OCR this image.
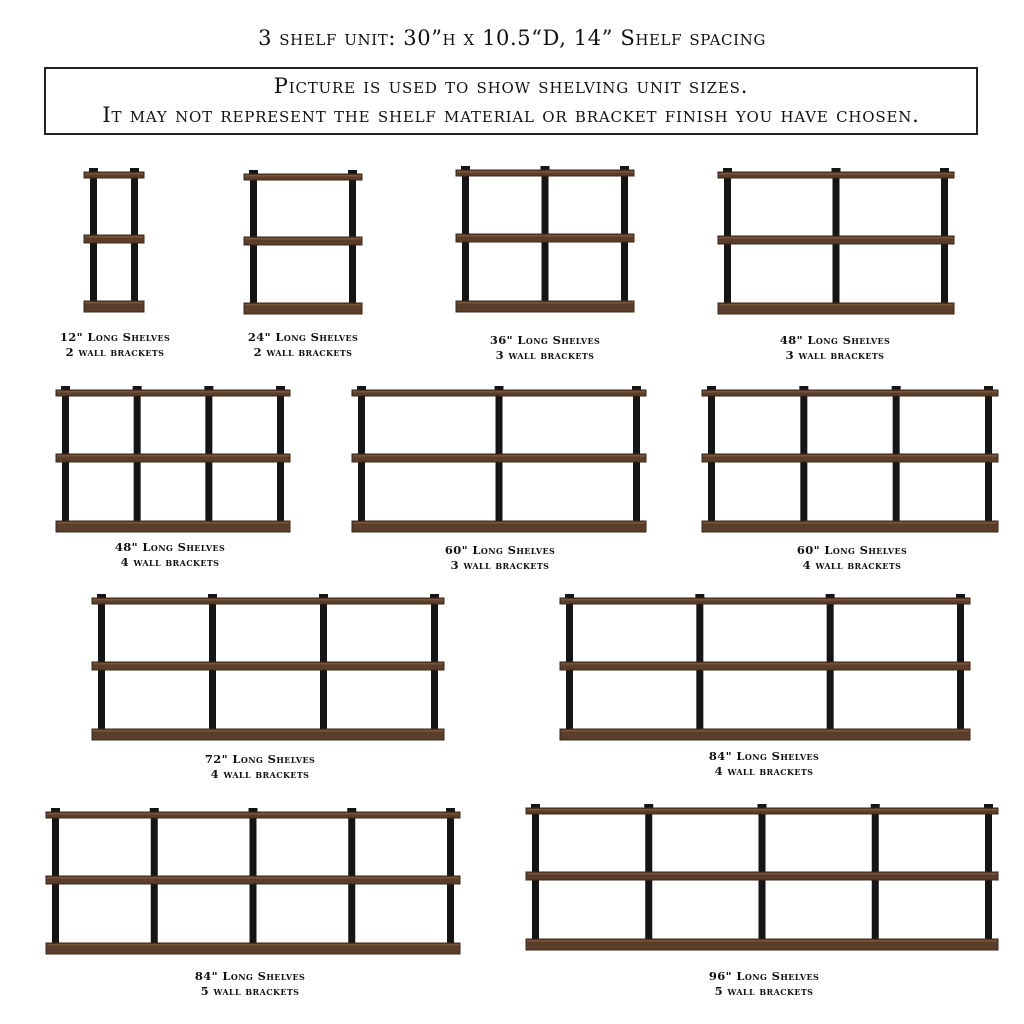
3 shelf unit: 30”h x 10.5“D, 14” Shelf spacing
Picture is used to show shelving unit sizes.
It may not represent the shelf material or bracket finish you have chosen.
12" Long Shelves
2 wall brackets
24" Long Shelves
2 wall brackets
36" Long Shelves
3 wall brackets
48" Long Shelves
3 wall brackets
48" Long Shelves
4 wall brackets
60" Long Shelves
3 wall brackets
60" Long Shelves
4 wall brackets
72" Long Shelves
4 wall brackets
84" Long Shelves
4 wall brackets
84" Long Shelves
5 wall brackets
96" Long Shelves
5 wall brackets
